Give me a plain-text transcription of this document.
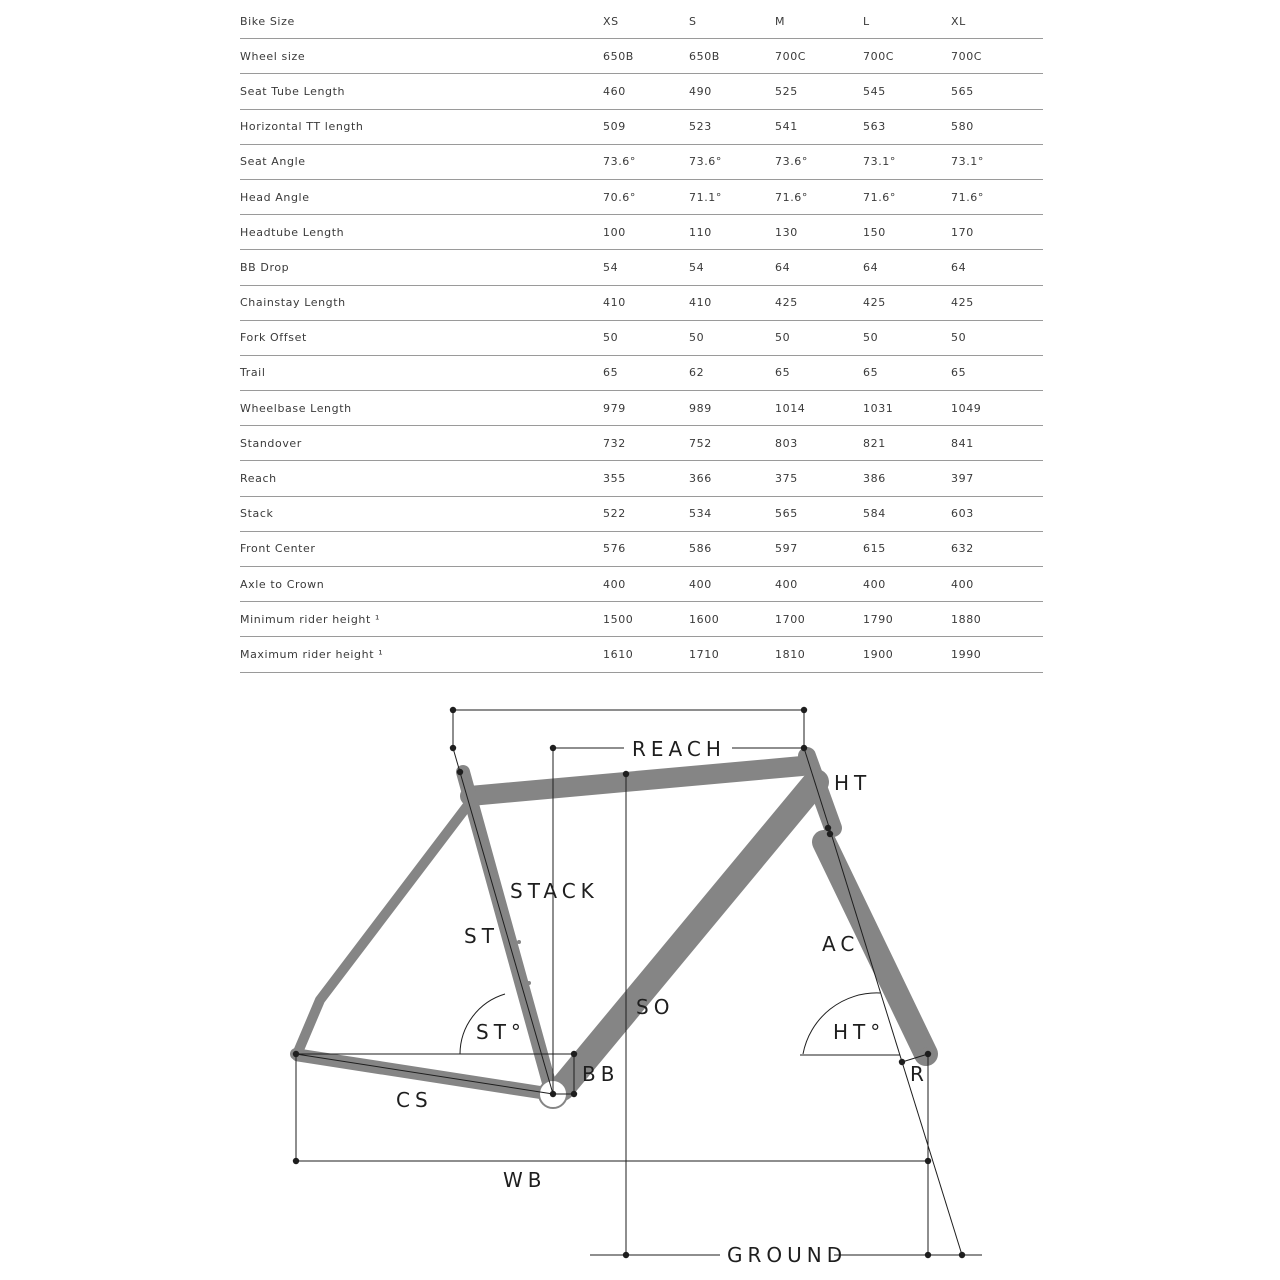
Bike Size	XS	S	M	L	XL
Wheel size	650B	650B	700C	700C	700C
Seat Tube Length	460	490	525	545	565
Horizontal TT length	509	523	541	563	580
Seat Angle	73.6°	73.6°	73.6°	73.1°	73.1°
Head Angle	70.6°	71.1°	71.6°	71.6°	71.6°
Headtube Length	100	110	130	150	170
BB Drop	54	54	64	64	64
Chainstay Length	410	410	425	425	425
Fork Offset	50	50	50	50	50
Trail	65	62	65	65	65
Wheelbase Length	979	989	1014	1031	1049
Standover	732	752	803	821	841
Reach	355	366	375	386	397
Stack	522	534	565	584	603
Front Center	576	586	597	615	632
Axle to Crown	400	400	400	400	400
Minimum rider height ¹	1500	1600	1700	1790	1880
Maximum rider height ¹	1610	1710	1810	1900	1990
REACH
HT
STACK
ST	AC
SO
ST°	HT°
BB	R
CS
WB
GROUND
